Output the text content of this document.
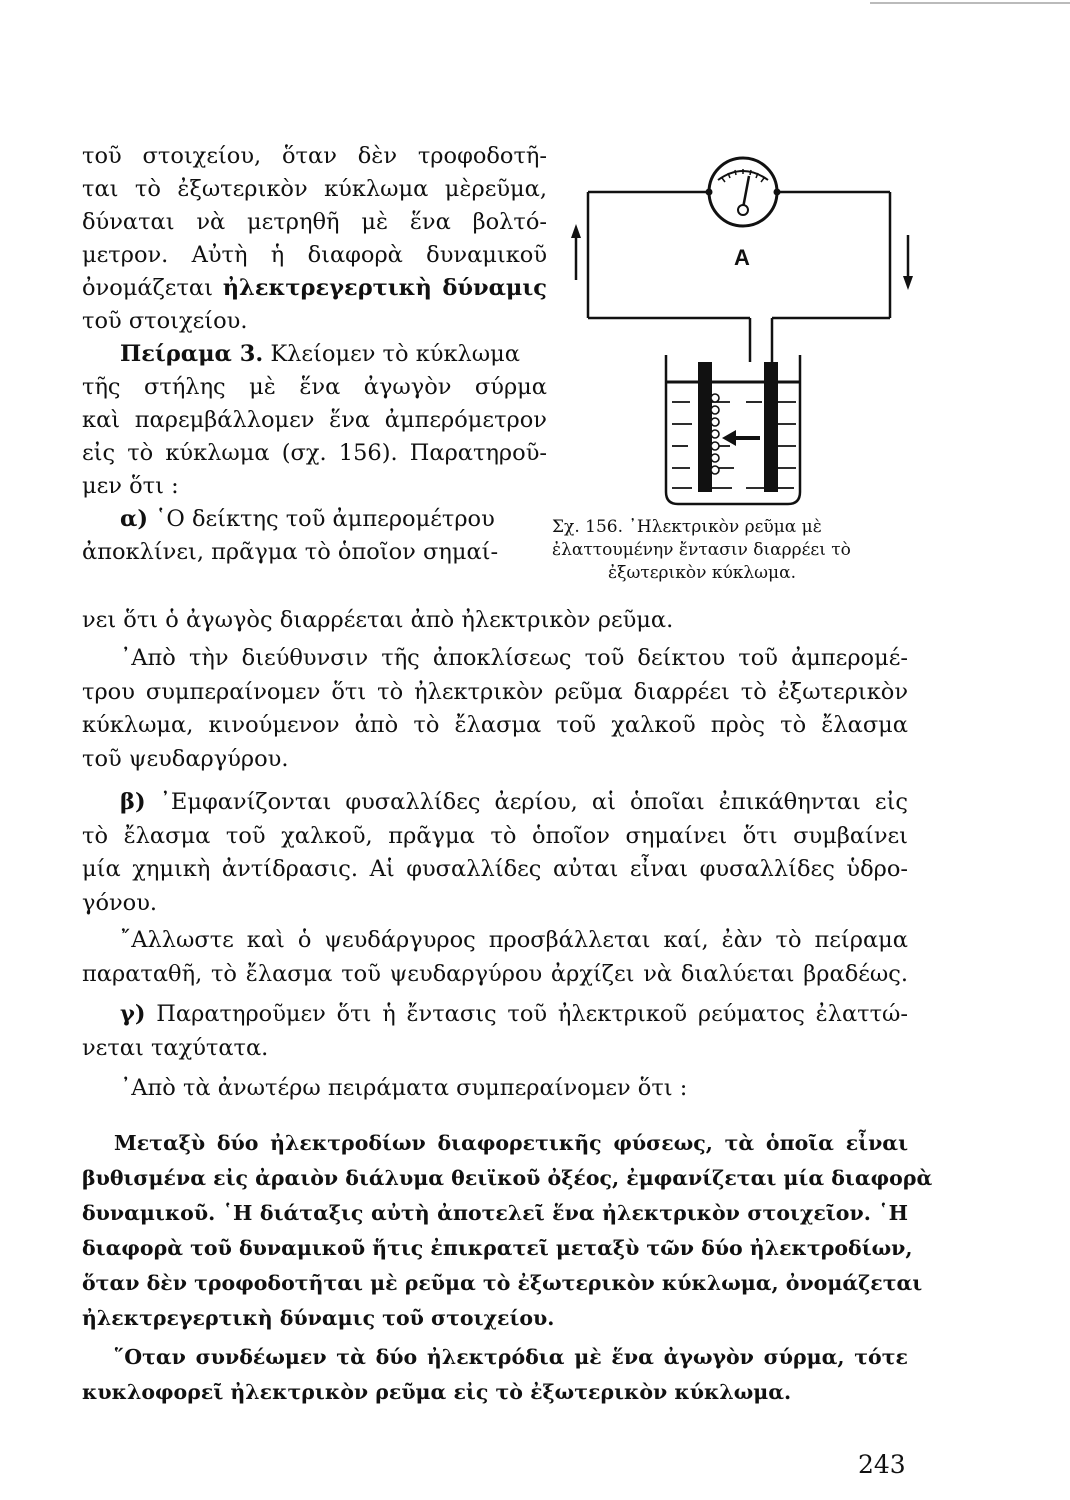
τοῦ στοιχείου, ὅταν δὲν τροφοδοτῆ-
ται τὸ ἐξωτερικὸν κύκλωμα μὲρεῦμα,
δύναται νὰ μετρηθῆ μὲ ἕνα βολτό-
μετρον. Αὐτὴ ἡ διαφορὰ δυναμικοῦ
ὀνομάζεται ἠλεκτρεγερτικὴ δύναμις
τοῦ στοιχείου.
Πείραμα 3. Κλείομεν τὸ κύκλωμα
τῆς στήλης μὲ ἕνα ἀγωγὸν σύρμα
καὶ παρεμβάλλομεν ἕνα ἀμπερόμετρον
εἰς τὸ κύκλωμα (σχ. 156). Παρατηροῦ-
μεν ὅτι :
α) ῾Ο δείκτης τοῦ ἀμπερομέτρου
ἀποκλίνει, πρᾶγμα τὸ ὁποῖον σημαί-
A
Σχ. 156. ᾿Ηλεκτρικὸν ρεῦμα μὲ
ἐλαττουμένην ἔντασιν διαρρέει τὸ
ἐξωτερικὸν κύκλωμα.
νει ὅτι ὁ ἀγωγὸς διαρρέεται ἀπὸ ἠλεκτρικὸν ρεῦμα.
᾿Απὸ τὴν διεύθυνσιν τῆς ἀποκλίσεως τοῦ δείκτου τοῦ ἀμπερομέ-
τρου συμπεραίνομεν ὅτι τὸ ἠλεκτρικὸν ρεῦμα διαρρέει τὸ ἐξωτερικὸν
κύκλωμα, κινούμενον ἀπὸ τὸ ἔλασμα τοῦ χαλκοῦ πρὸς τὸ ἔλασμα
τοῦ ψευδαργύρου.
β) ᾿Εμφανίζονται φυσαλλίδες ἀερίου, αἱ ὁποῖαι ἐπικάθηνται εἰς
τὸ ἔλασμα τοῦ χαλκοῦ, πρᾶγμα τὸ ὁποῖον σημαίνει ὅτι συμβαίνει
μία χημικὴ ἀντίδρασις. Αἱ φυσαλλίδες αὐται εἶναι φυσαλλίδες ὑδρο-
γόνου.
῎Αλλωστε καὶ ὁ ψευδάργυρος προσβάλλεται καί, ἐὰν τὸ πείραμα
παραταθῆ, τὸ ἔλασμα τοῦ ψευδαργύρου ἀρχίζει νὰ διαλύεται βραδέως.
γ) Παρατηροῦμεν ὅτι ἡ ἔντασις τοῦ ἠλεκτρικοῦ ρεύματος ἐλαττώ-
νεται ταχύτατα.
᾿Απὸ τὰ ἀνωτέρω πειράματα συμπεραίνομεν ὅτι :
Μεταξὺ δύο ἠλεκτροδίων διαφορετικῆς φύσεως, τὰ ὁποῖα εἶναι
βυθισμένα εἰς ἀραιὸν διάλυμα θειϊκοῦ ὀξέος, ἐμφανίζεται μία διαφορὰ
δυναμικοῦ. ῾Η διάταξις αὐτὴ ἀποτελεῖ ἕνα ἠλεκτρικὸν στοιχεῖον. ῾Η
διαφορὰ τοῦ δυναμικοῦ ἥτις ἐπικρατεῖ μεταξὺ τῶν δύο ἠλεκτροδίων,
ὅταν δὲν τροφοδοτῆται μὲ ρεῦμα τὸ ἐξωτερικὸν κύκλωμα, ὀνομάζεται
ἠλεκτρεγερτικὴ δύναμις τοῦ στοιχείου.
῞Οταν συνδέωμεν τὰ δύο ἠλεκτρόδια μὲ ἕνα ἀγωγὸν σύρμα, τότε
κυκλοφορεῖ ἠλεκτρικὸν ρεῦμα εἰς τὸ ἐξωτερικὸν κύκλωμα.
243
